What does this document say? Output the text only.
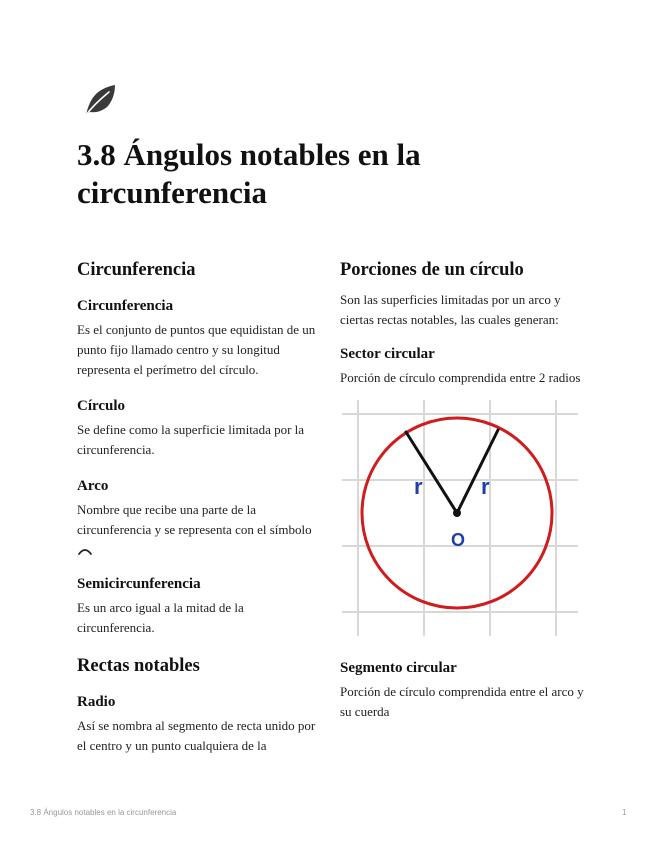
3.8 Ángulos notables en la circunferencia
Circunferencia
Circunferencia

Es el conjunto de puntos que equidistan de un punto fijo llamado centro y su longitud representa el perímetro del círculo.

Círculo

Se define como la superficie limitada por la circunferencia.

Arco

Nombre que recibe una parte de la circunferencia y se representa con el símbolo

Semicircunferencia

Es un arco igual a la mitad de la circunferencia.

Rectas notables
Radio

Así se nombra al segmento de recta unido por el centro y un punto cualquiera de la

Porciones de un círculo

Son las superficies limitadas por un arco y ciertas rectas notables, las cuales generan:

Sector circular

Porción de círculo comprendida entre 2 radios

r	r
O
Segmento circular

Porción de círculo comprendida entre el arco y su cuerda

3.8 Ángulos notables en la circunferencia	1
